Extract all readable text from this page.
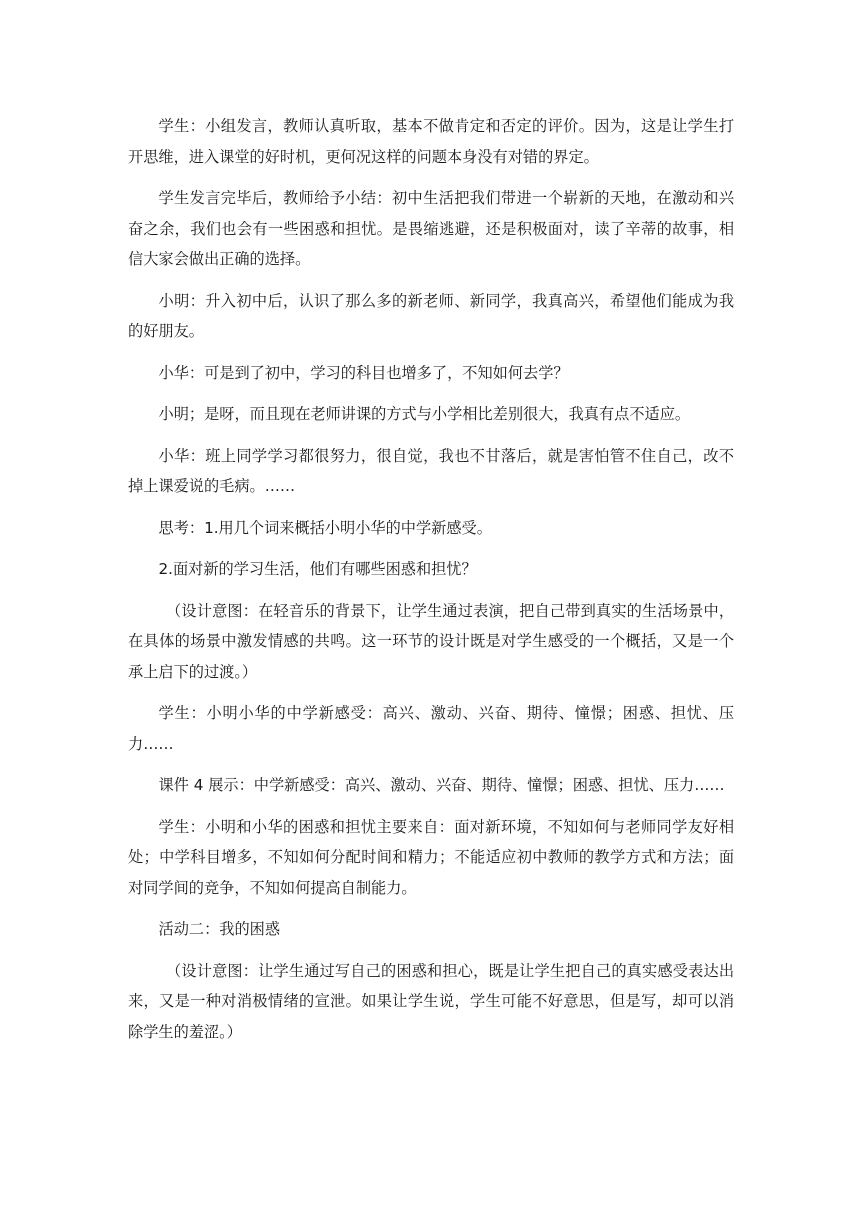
学生：小组发言，教师认真听取，基本不做肯定和否定的评价。因为，这是让学生打开思维，进入课堂的好时机，更何况这样的问题本身没有对错的界定。

学生发言完毕后，教师给予小结：初中生活把我们带进一个崭新的天地，在激动和兴奋之余，我们也会有一些困惑和担忧。是畏缩逃避，还是积极面对，读了辛蒂的故事，相信大家会做出正确的选择。

小明：升入初中后，认识了那么多的新老师、新同学，我真高兴，希望他们能成为我的好朋友。

小华：可是到了初中，学习的科目也增多了，不知如何去学？

小明；是呀，而且现在老师讲课的方式与小学相比差别很大，我真有点不适应。

小华：班上同学学习都很努力，很自觉，我也不甘落后，就是害怕管不住自己，改不掉上课爱说的毛病。……

思考：1.用几个词来概括小明小华的中学新感受。

2.面对新的学习生活，他们有哪些困惑和担忧？

（设计意图：在轻音乐的背景下，让学生通过表演，把自己带到真实的生活场景中，在具体的场景中激发情感的共鸣。这一环节的设计既是对学生感受的一个概括，又是一个承上启下的过渡。）

学生：小明小华的中学新感受：高兴、激动、兴奋、期待、憧憬；困惑、担忧、压力……

课件 4 展示：中学新感受：高兴、激动、兴奋、期待、憧憬；困惑、担忧、压力……

学生：小明和小华的困惑和担忧主要来自：面对新环境，不知如何与老师同学友好相处；中学科目增多，不知如何分配时间和精力；不能适应初中教师的教学方式和方法；面对同学间的竞争，不知如何提高自制能力。

活动二：我的困惑

（设计意图：让学生通过写自己的困惑和担心，既是让学生把自己的真实感受表达出来，又是一种对消极情绪的宣泄。如果让学生说，学生可能不好意思，但是写，却可以消除学生的羞涩。）
